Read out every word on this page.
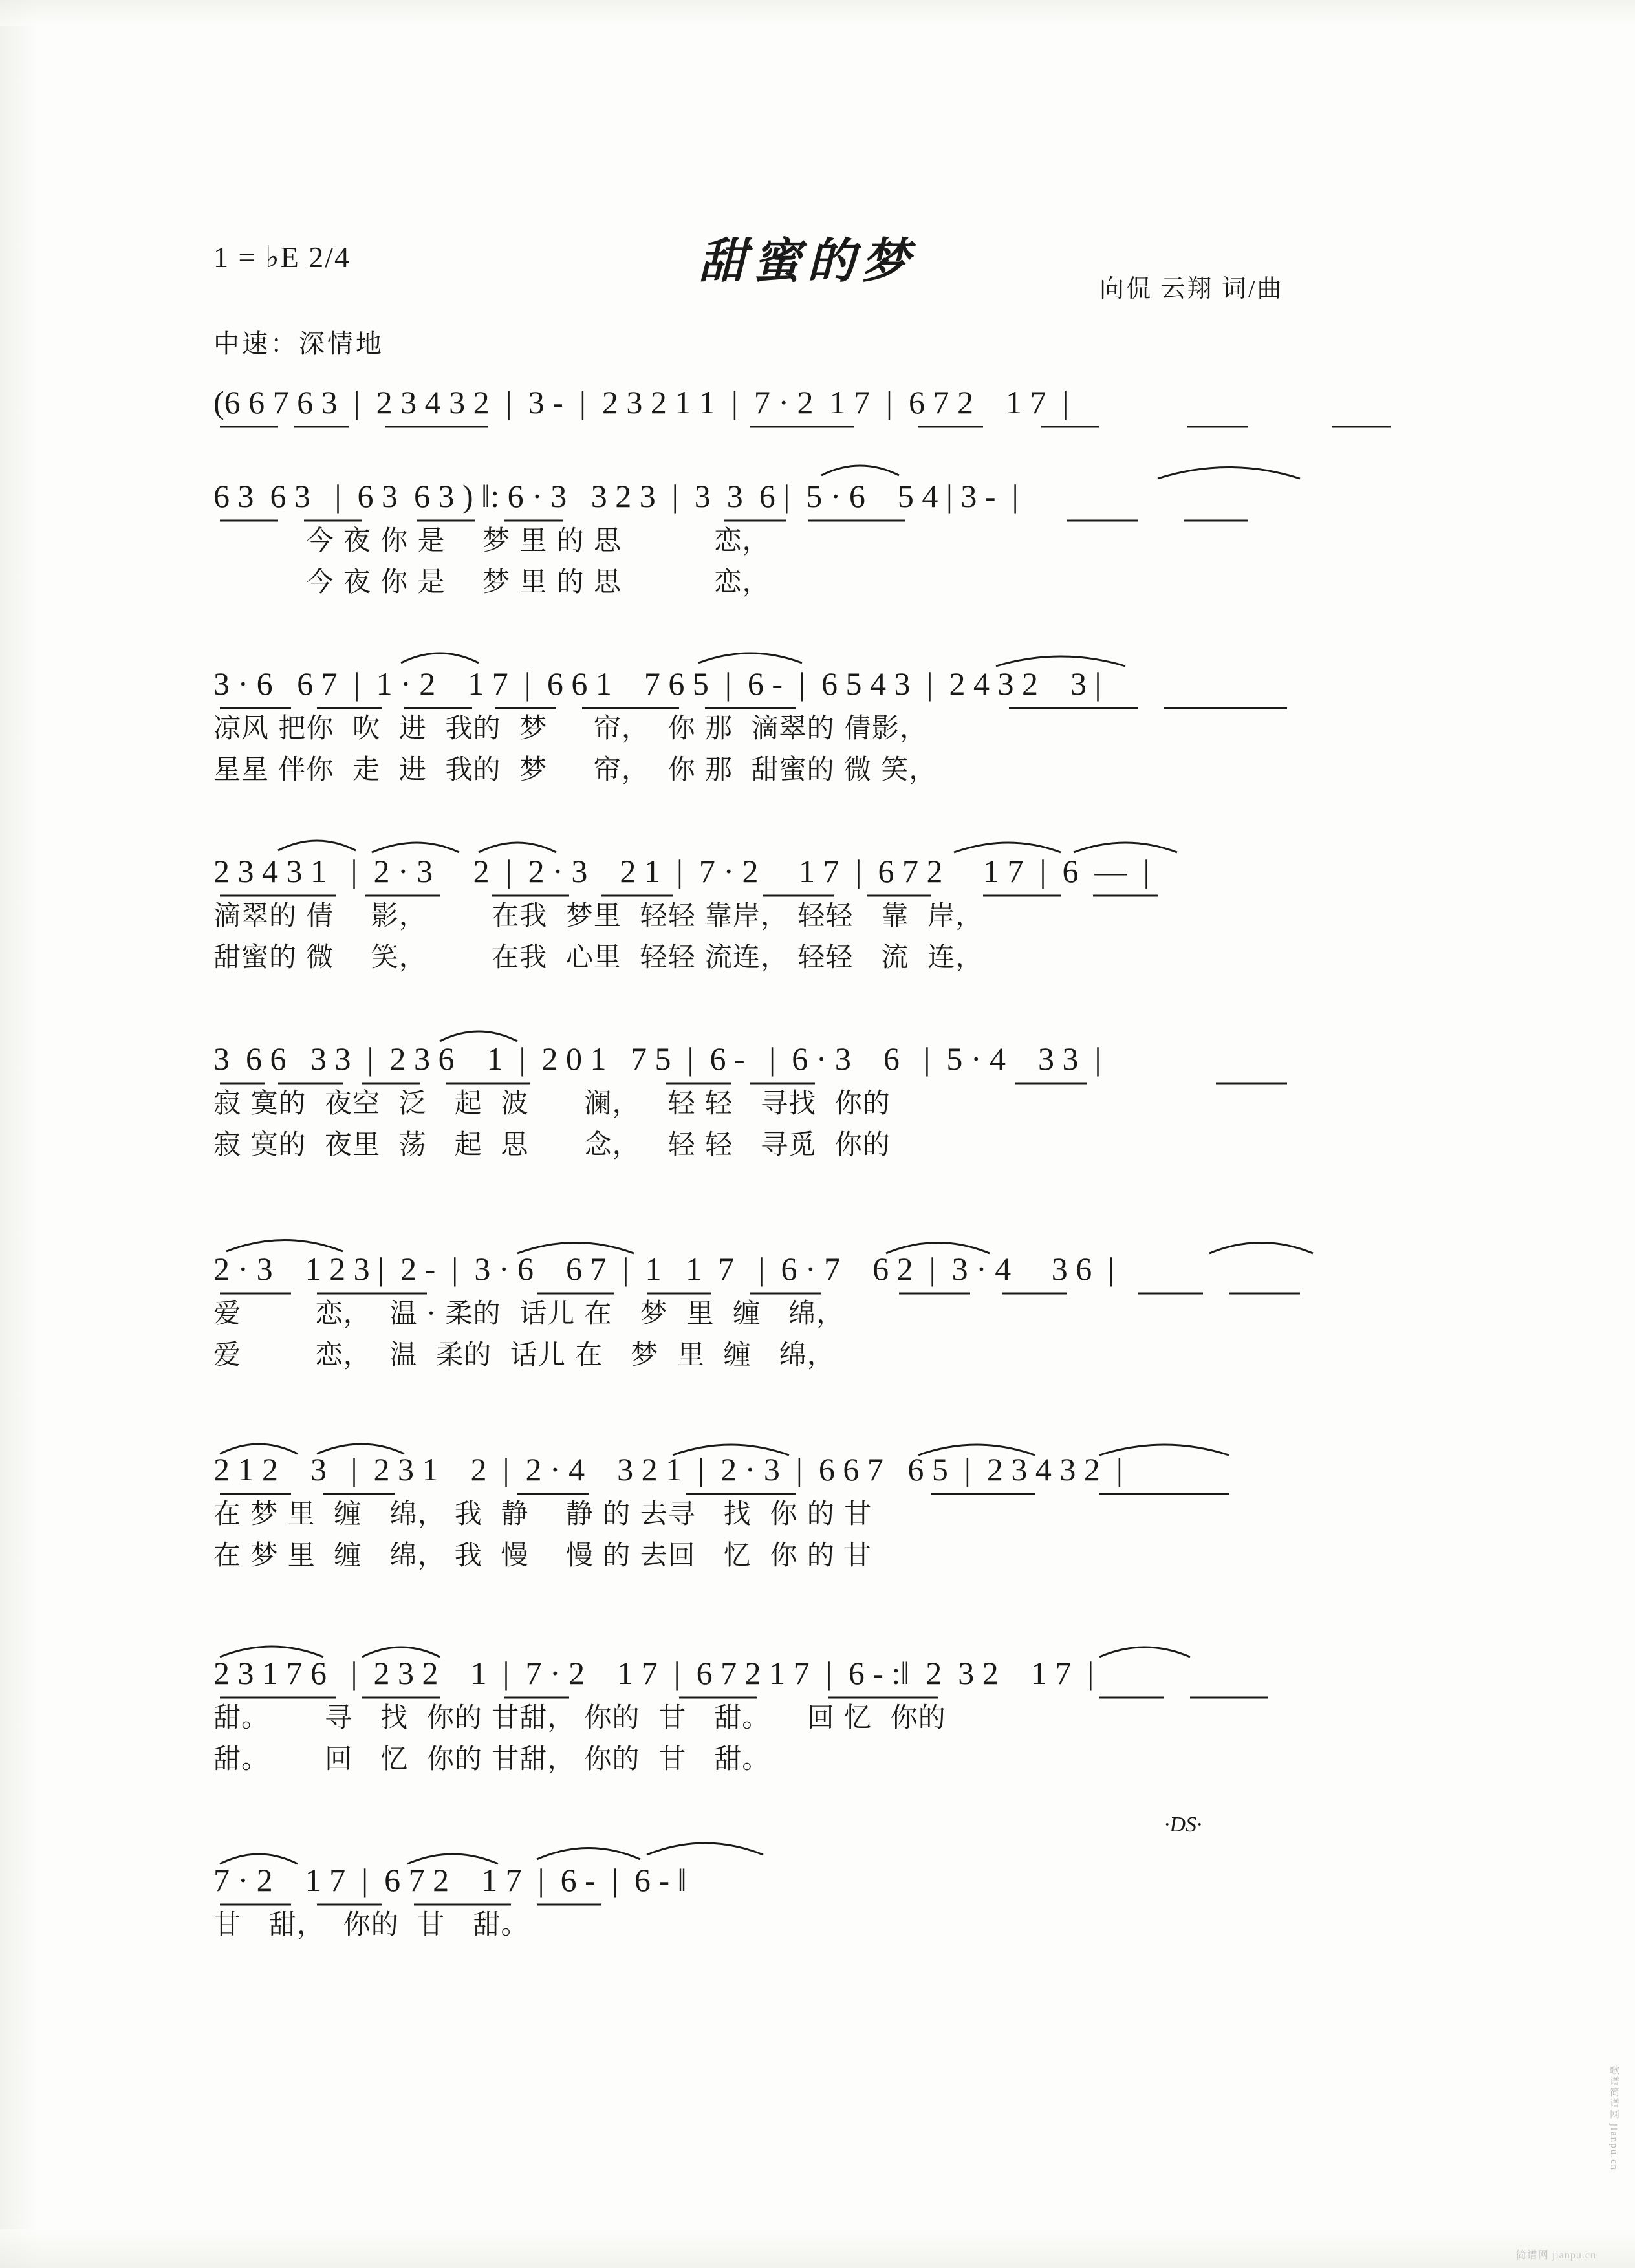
1 = ♭E 2/4
中速：深情地
甜蜜的梦	向侃 云翔 词/曲
(6 6 7 6 3  |  2 3 4 3 2  |  3 -  |  2 3 2 1 1  |  7 · 2  1 7  |  6 7 2    1 7  |
6 3  6 3   |  6 3  6 3 ) ‖: 6 · 3   3 2 3  |  3  3  6 |  5 · 6    5 4 | 3 -  |
今 夜 你 是    梦 里 的 思          恋，
今 夜 你 是    梦 里 的 思          恋，
3 · 6   6 7  |  1 · 2    1 7  |  6 6 1    7 6 5  |  6 -  |  6 5 4 3  |  2 4 3 2    3 |
凉风 把你  吹  进  我的  梦     帘，  你 那  滴翠的 倩影，
星星 伴你  走  进  我的  梦     帘，  你 那  甜蜜的 微 笑，
2 3 4 3 1   |  2 · 3     2  |  2 · 3    2 1  |  7 · 2     1 7  |  6 7 2     1 7  |  6  —  |
滴翠的 倩    影，       在我  梦里  轻轻 靠岸， 轻轻   靠  岸，
甜蜜的 微    笑，       在我  心里  轻轻 流连， 轻轻   流  连，
3  6 6   3 3  |  2 3 6    1  |  2 0 1   7 5  |  6 -   |  6 · 3    6   |  5 · 4    3 3  |
寂 寞的  夜空  泛   起  波      澜，   轻 轻   寻找  你的
寂 寞的  夜里  荡   起  思      念，   轻 轻   寻觅  你的
2 · 3    1 2 3 |  2 -  |  3 · 6    6 7  |  1   1  7   |  6 · 7    6 2  |  3 · 4     3 6  |
爱        恋，  温 · 柔的  话儿 在   梦  里  缠   绵，
爱        恋，  温  柔的  话儿 在   梦  里  缠   绵，
2 1 2    3   |  2 3 1    2  |  2 · 4    3 2 1  |  2 · 3  |  6 6 7   6 5  |  2 3 4 3 2  |
在 梦 里  缠   绵， 我  静    静 的 去寻   找  你 的 甘
在 梦 里  缠   绵， 我  慢    慢 的 去回   忆  你 的 甘
2 3 1 7 6   |  2 3 2    1  |  7 · 2    1 7  |  6 7 2 1 7  |  6 - :‖  2  3 2    1 7  |
甜。      寻   找  你的 甘甜， 你的  甘   甜。    回 忆  你的
甜。      回   忆  你的 甘甜， 你的  甘   甜。
·DS·
7 · 2    1 7  |  6 7 2    1 7  |  6 -  |  6 - ‖
甘   甜，  你的  甘   甜。
歌谱简谱网 jianpu.cn
简谱网 jianpu.cn
